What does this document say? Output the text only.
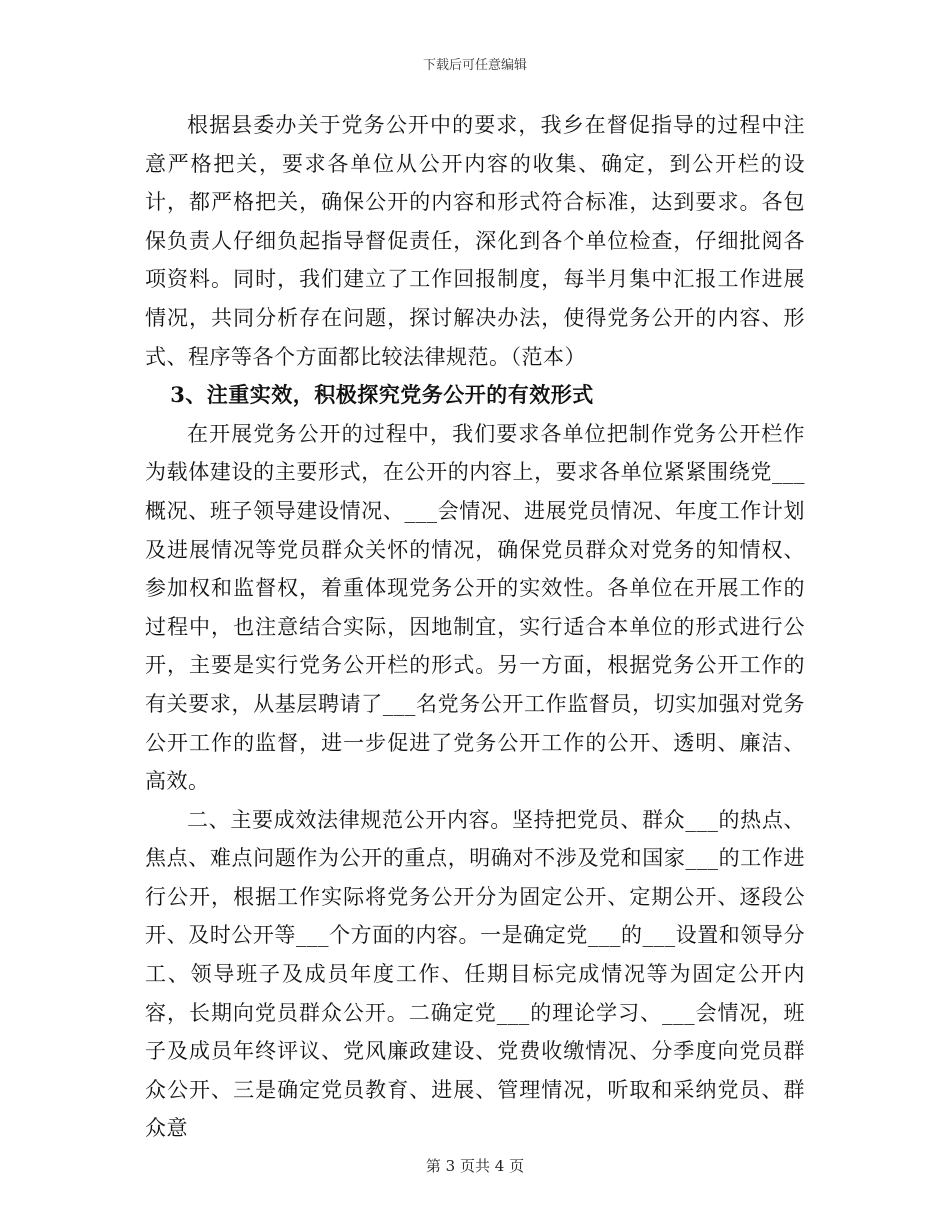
下载后可任意编辑

根据县委办关于党务公开中的要求，我乡在督促指导的过程中注意严格把关，要求各单位从公开内容的收集、确定，到公开栏的设计，都严格把关，确保公开的内容和形式符合标准，达到要求。各包保负责人仔细负起指导督促责任，深化到各个单位检查，仔细批阅各项资料。同时，我们建立了工作回报制度，每半月集中汇报工作进展情况，共同分析存在问题，探讨解决办法，使得党务公开的内容、形式、程序等各个方面都比较法律规范。（范本）

3、注重实效，积极探究党务公开的有效形式

在开展党务公开的过程中，我们要求各单位把制作党务公开栏作为载体建设的主要形式，在公开的内容上，要求各单位紧紧围绕党___概况、班子领导建设情况、___会情况、进展党员情况、年度工作计划及进展情况等党员群众关怀的情况，确保党员群众对党务的知情权、参加权和监督权，着重体现党务公开的实效性。各单位在开展工作的过程中，也注意结合实际，因地制宜，实行适合本单位的形式进行公开，主要是实行党务公开栏的形式。另一方面，根据党务公开工作的有关要求，从基层聘请了___名党务公开工作监督员，切实加强对党务公开工作的监督，进一步促进了党务公开工作的公开、透明、廉洁、高效。

二、主要成效法律规范公开内容。坚持把党员、群众___的热点、焦点、难点问题作为公开的重点，明确对不涉及党和国家___的工作进行公开，根据工作实际将党务公开分为固定公开、定期公开、逐段公开、及时公开等___个方面的内容。一是确定党___的___设置和领导分工、领导班子及成员年度工作、任期目标完成情况等为固定公开内容，长期向党员群众公开。二确定党___的理论学习、___会情况，班子及成员年终评议、党风廉政建设、党费收缴情况、分季度向党员群众公开、三是确定党员教育、进展、管理情况，听取和采纳党员、群众意

第 3 页共 4 页
